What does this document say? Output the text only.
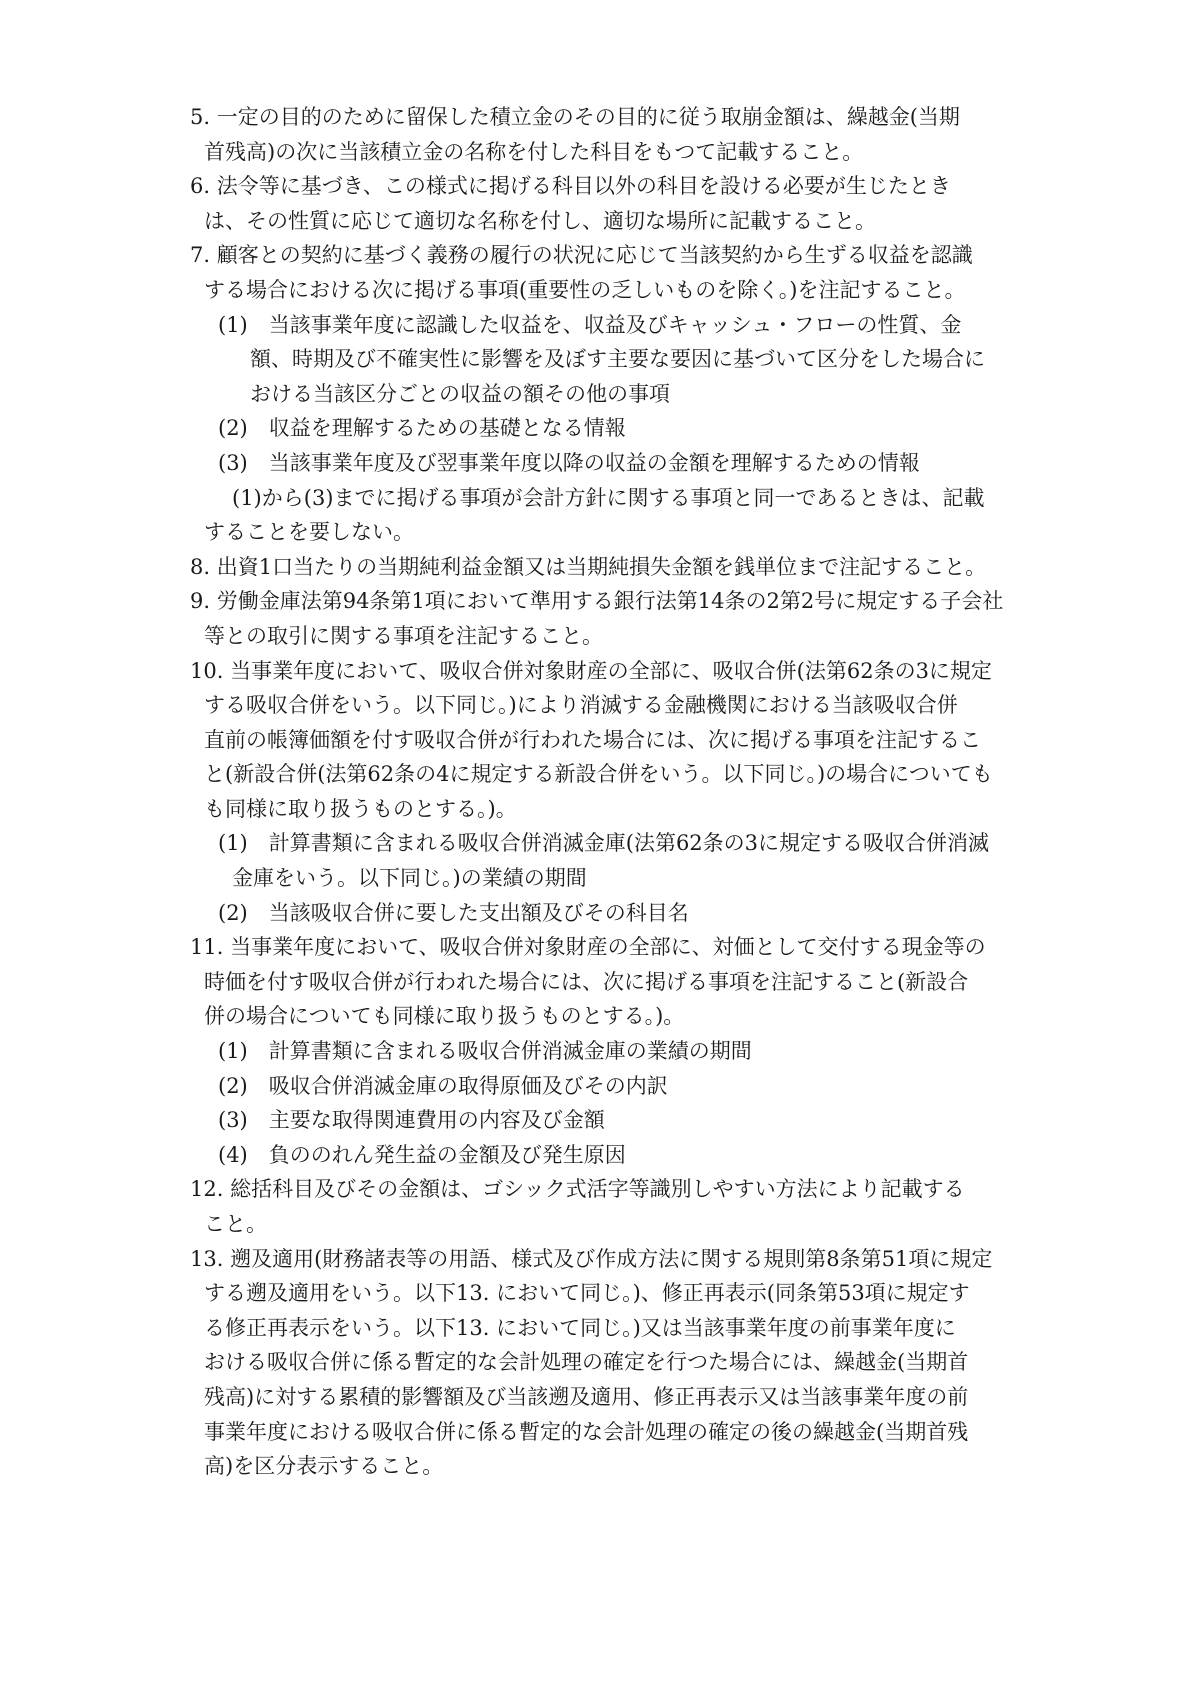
5. 一定の目的のために留保した積立金のその目的に従う取崩金額は、繰越金(当期
首残高)の次に当該積立金の名称を付した科目をもつて記載すること。
6. 法令等に基づき、この様式に掲げる科目以外の科目を設ける必要が生じたとき
は、その性質に応じて適切な名称を付し、適切な場所に記載すること。
7. 顧客との契約に基づく義務の履行の状況に応じて当該契約から生ずる収益を認識
する場合における次に掲げる事項(重要性の乏しいものを除く。)を注記すること。
(1)　当該事業年度に認識した収益を、収益及びキャッシュ・フローの性質、金
額、時期及び不確実性に影響を及ぼす主要な要因に基づいて区分をした場合に
おける当該区分ごとの収益の額その他の事項
(2)　収益を理解するための基礎となる情報
(3)　当該事業年度及び翌事業年度以降の収益の金額を理解するための情報
(1)から(3)までに掲げる事項が会計方針に関する事項と同一であるときは、記載
することを要しない。
8. 出資1口当たりの当期純利益金額又は当期純損失金額を銭単位まで注記すること。
9. 労働金庫法第94条第1項において準用する銀行法第14条の2第2号に規定する子会社
等との取引に関する事項を注記すること。
10. 当事業年度において、吸収合併対象財産の全部に、吸収合併(法第62条の3に規定
する吸収合併をいう。以下同じ。)により消滅する金融機関における当該吸収合併
直前の帳簿価額を付す吸収合併が行われた場合には、次に掲げる事項を注記するこ
と(新設合併(法第62条の4に規定する新設合併をいう。以下同じ。)の場合についても
も同様に取り扱うものとする。)。
(1)　計算書類に含まれる吸収合併消滅金庫(法第62条の3に規定する吸収合併消滅
金庫をいう。以下同じ。)の業績の期間
(2)　当該吸収合併に要した支出額及びその科目名
11. 当事業年度において、吸収合併対象財産の全部に、対価として交付する現金等の
時価を付す吸収合併が行われた場合には、次に掲げる事項を注記すること(新設合
併の場合についても同様に取り扱うものとする。)。
(1)　計算書類に含まれる吸収合併消滅金庫の業績の期間
(2)　吸収合併消滅金庫の取得原価及びその内訳
(3)　主要な取得関連費用の内容及び金額
(4)　負ののれん発生益の金額及び発生原因
12. 総括科目及びその金額は、ゴシック式活字等識別しやすい方法により記載する
こと。
13. 遡及適用(財務諸表等の用語、様式及び作成方法に関する規則第8条第51項に規定
する遡及適用をいう。以下13. において同じ。)、修正再表示(同条第53項に規定す
る修正再表示をいう。以下13. において同じ。)又は当該事業年度の前事業年度に
おける吸収合併に係る暫定的な会計処理の確定を行つた場合には、繰越金(当期首
残高)に対する累積的影響額及び当該遡及適用、修正再表示又は当該事業年度の前
事業年度における吸収合併に係る暫定的な会計処理の確定の後の繰越金(当期首残
高)を区分表示すること。
